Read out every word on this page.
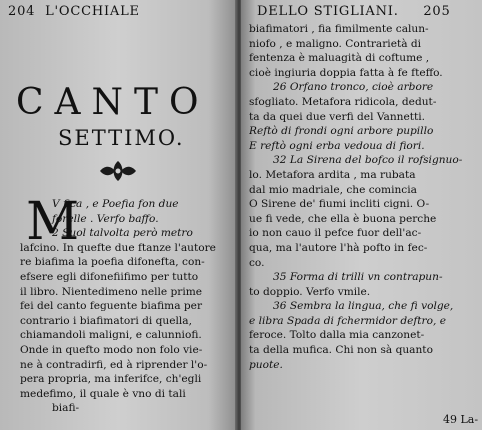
204 L'OCCHIALE
CANTO
SETTIMO.
M
V fica , e Poefia fon due
forelle . Verfo baffo.
2 Suol talvolta però metro
lafcino. In quefte due ftanze l'autore
re biafima la poefia difonefta, con-
efsere egli difonefiifimo per tutto
il libro. Nientedimeno nelle prime
fei del canto feguente biafima per
contrario i biafimatori di quella,
chiamandoli maligni, e calunniofi.
Onde in quefto modo non folo vie-
ne à contradirfi, ed à riprender l'o-
pera propria, ma inferifce, ch'egli
medefimo, il quale è vno di tali
biafi-
DELLO STIGLIANI. 205
biafimatori , fia fimilmente calun-
niofo , e maligno. Contrarietà di
fentenza è maluagità di coftume ,
cioè ingiuria doppia fatta à fe fteffo.
26 Orfano tronco, cioè arbore
sfogliato. Metafora ridicola, dedut-
ta da quei due verfi del Vannetti.
Reftò di frondi ogni arbore pupillo
E reftò ogni erba vedoua di fiori.
32 La Sirena del bofco il rofsignuo-
lo. Metafora ardita , ma rubata
dal mio madriale, che comincia
O Sirene de' fiumi incliti cigni. O-
ue fi vede, che ella è buona perche
io non cauo il pefce fuor dell'ac-
qua, ma l'autore l'hà pofto in fec-
co.
35 Forma di trilli vn contrapun-
to doppio. Verfo vmile.
36 Sembra la lingua, che fi volge,
e libra Spada di fchermidor deftro, e
feroce. Tolto dalla mia canzonet-
ta della mufica. Chi non sà quanto
puote.
49 La-
